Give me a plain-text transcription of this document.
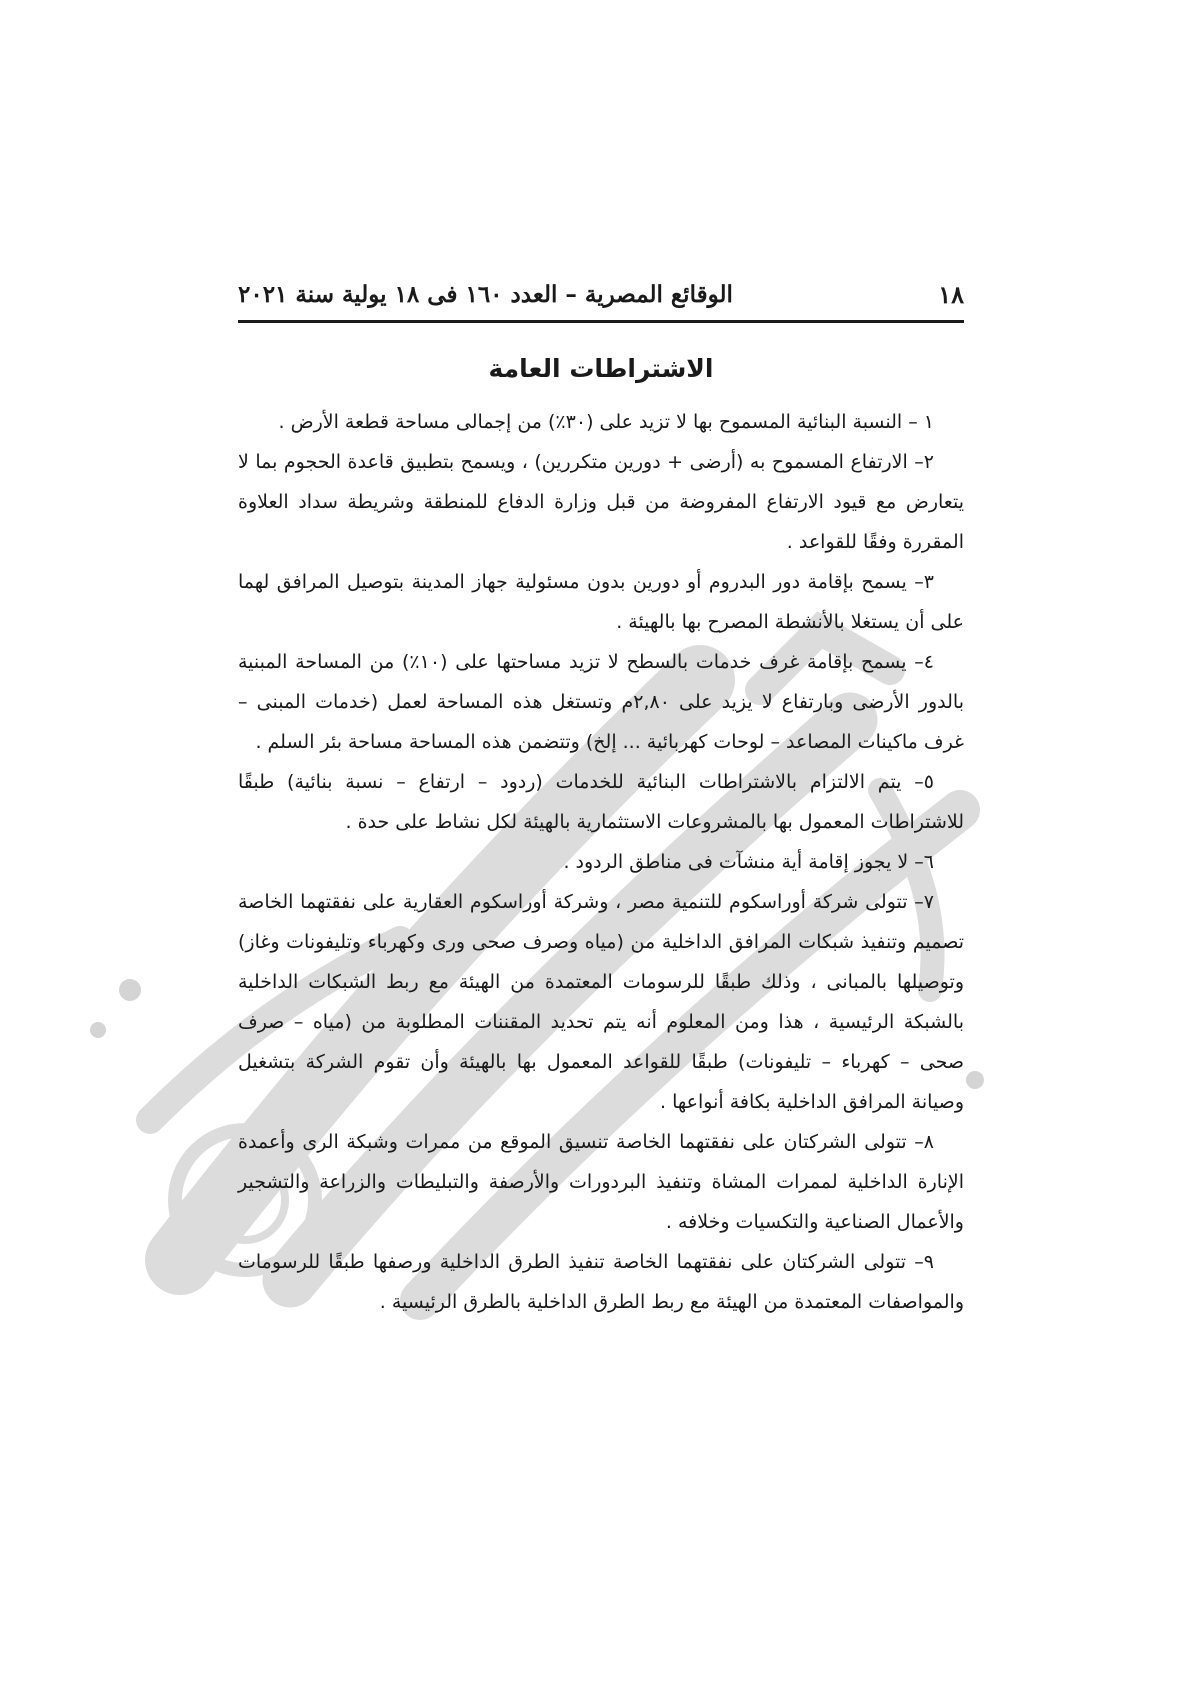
١٨
الوقائع المصرية – العدد ١٦٠ فى ١٨ يولية سنة ٢٠٢١
الاشتراطات العامة

١ – النسبة البنائية المسموح بها لا تزيد على (٣٠٪) من إجمالى مساحة قطعة الأرض .

٢– الارتفاع المسموح به (أرضى + دورين متكررين) ، ويسمح بتطبيق قاعدة الحجوم بما لا يتعارض مع قيود الارتفاع المفروضة من قبل وزارة الدفاع للمنطقة وشريطة سداد العلاوة المقررة وفقًا للقواعد .

٣– يسمح بإقامة دور البدروم أو دورين بدون مسئولية جهاز المدينة بتوصيل المرافق لهما على أن يستغلا بالأنشطة المصرح بها بالهيئة .

٤– يسمح بإقامة غرف خدمات بالسطح لا تزيد مساحتها على (١٠٪) من المساحة المبنية بالدور الأرضى وبارتفاع لا يزيد على ٢,٨٠م وتستغل هذه المساحة لعمل (خدمات المبنى – غرف ماكينات المصاعد – لوحات كهربائية ... إلخ) وتتضمن هذه المساحة مساحة بئر السلم .

٥– يتم الالتزام بالاشتراطات البنائية للخدمات (ردود – ارتفاع – نسبة بنائية) طبقًا للاشتراطات المعمول بها بالمشروعات الاستثمارية بالهيئة لكل نشاط على حدة .

٦– لا يجوز إقامة أية منشآت فى مناطق الردود .

٧– تتولى شركة أوراسكوم للتنمية مصر ، وشركة أوراسكوم العقارية على نفقتهما الخاصة تصميم وتنفيذ شبكات المرافق الداخلية من (مياه وصرف صحى ورى وكهرباء وتليفونات وغاز) وتوصيلها بالمبانى ، وذلك طبقًا للرسومات المعتمدة من الهيئة مع ربط الشبكات الداخلية بالشبكة الرئيسية ، هذا ومن المعلوم أنه يتم تحديد المقننات المطلوبة من (مياه – صرف صحى – كهرباء – تليفونات) طبقًا للقواعد المعمول بها بالهيئة وأن تقوم الشركة بتشغيل وصيانة المرافق الداخلية بكافة أنواعها .

٨– تتولى الشركتان على نفقتهما الخاصة تنسيق الموقع من ممرات وشبكة الرى وأعمدة الإنارة الداخلية لممرات المشاة وتنفيذ البردورات والأرصفة والتبليطات والزراعة والتشجير والأعمال الصناعية والتكسيات وخلافه .

٩– تتولى الشركتان على نفقتهما الخاصة تنفيذ الطرق الداخلية ورصفها طبقًا للرسومات والمواصفات المعتمدة من الهيئة مع ربط الطرق الداخلية بالطرق الرئيسية .
